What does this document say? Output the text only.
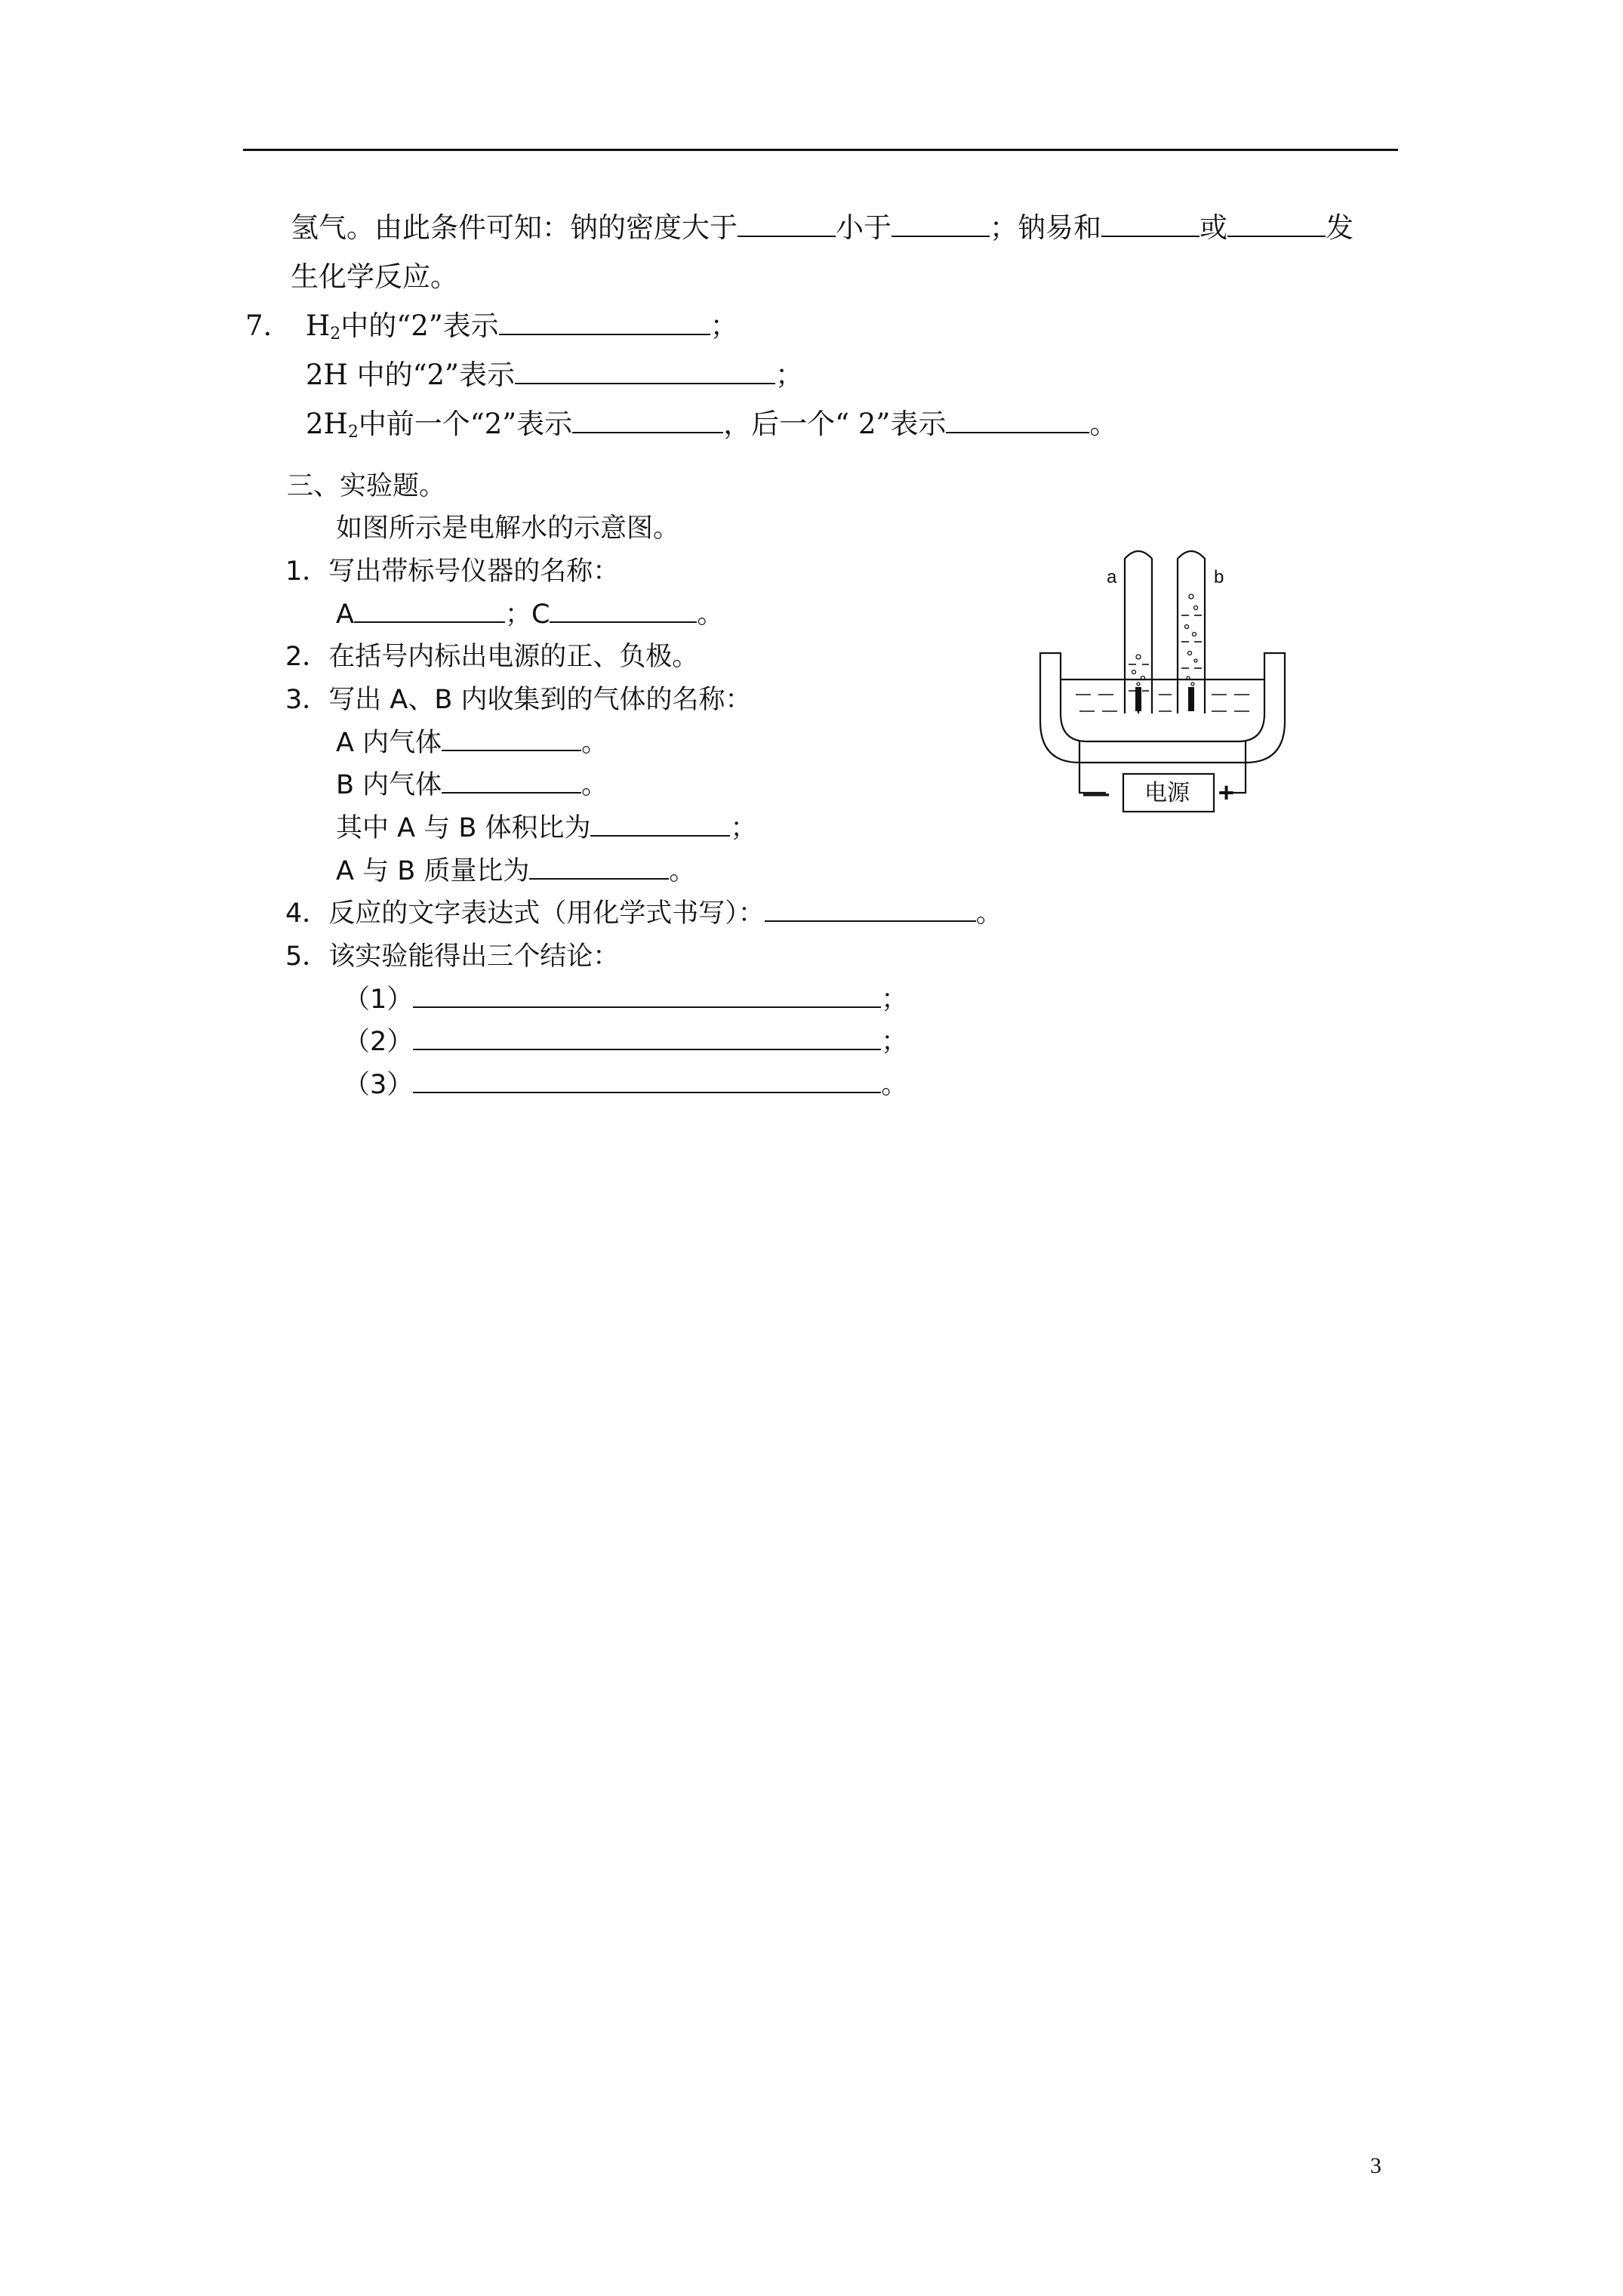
氢气。由此条件可知：钠的密度大于	小于	；钠易和	或	发
生化学反应。
7. $H_2$中的“2”表示	；
2H 中的“2”表示	；
$2H_2$中前一个“2”表示	，后一个“ 2”表示	。
三、实验题。
如图所示是电解水的示意图。
1．写出带标号仪器的名称：
A	；C	。
2．在括号内标出电源的正、负极。
3．写出 A、B 内收集到的气体的名称：
A 内气体	。
B 内气体	。
其中 A 与 B 体积比为	；
A 与 B 质量比为	。
4．反应的文字表达式（用化学式书写）：	。
5．该实验能得出三个结论：
（1）	；
（2）	；
（3）	。
a	b
—	+
电源
3
